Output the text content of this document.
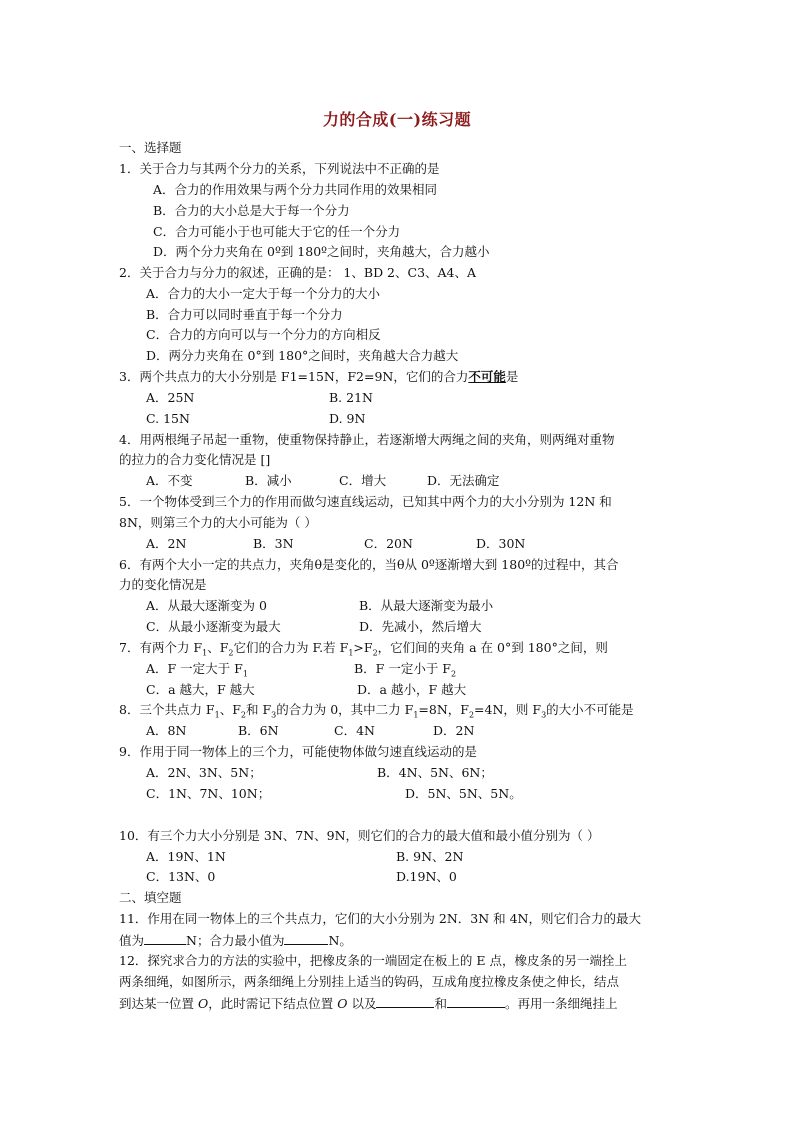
力的合成(一)练习题
一、选择题
1．关于合力与其两个分力的关系，下列说法中不正确的是
A．合力的作用效果与两个分力共同作用的效果相同
B．合力的大小总是大于每一个分力
C．合力可能小于也可能大于它的任一个分力
D．两个分力夹角在 0º到 180º之间时，夹角越大，合力越小
2．关于合力与分力的叙述，正确的是： 1、BD 2、C3、A4、A
A．合力的大小一定大于每一个分力的大小
B．合力可以同时垂直于每一个分力
C．合力的方向可以与一个分力的方向相反
D．两分力夹角在 0°到 180°之间时，夹角越大合力越大
3．两个共点力的大小分别是 F1=15N，F2=9N，它们的合力不可能是
A．25N	B. 21N
C. 15N	D. 9N
4．用两根绳子吊起一重物，使重物保持静止，若逐渐增大两绳之间的夹角，则两绳对重物
的拉力的合力变化情况是 []
A．不变	B．减小	C．增大	D．无法确定
5．一个物体受到三个力的作用而做匀速直线运动，已知其中两个力的大小分别为 12N 和
8N，则第三个力的大小可能为（ ）
A．2N	B．3N	C．20N	D．30N
6．有两个大小一定的共点力，夹角θ是变化的，当θ从 0º逐渐增大到 180º的过程中，其合
力的变化情况是
A．从最大逐渐变为 0	B．从最大逐渐变为最小
C．从最小逐渐变为最大	D．先减小，然后增大
7．有两个力 $F_1$、$F_2$它们的合力为 F.若 $F_1>F_2$，它们间的夹角 a 在 0°到 180°之间，则
A．F 一定大于 $F_1$	B．F 一定小于 $F_2$
C．a 越大，F 越大	D．a 越小，F 越大
8．三个共点力 $F_1$、$F_2$和 $F_3$的合力为 0，其中二力 $F_1=8N$，$F_2=4N$，则 $F_3$的大小不可能是
A．8N	B．6N	C．4N	D．2N
9．作用于同一物体上的三个力，可能使物体做匀速直线运动的是
A．2N、3N、5N；	B．4N、5N、6N；
C．1N、7N、10N；	D．5N、5N、5N。
10．有三个力大小分别是 3N、7N、9N，则它们的合力的最大值和最小值分别为（ ）
A．19N、1N	B. 9N、2N
C．13N、0	D.19N、0
二、填空题
11．作用在同一物体上的三个共点力，它们的大小分别为 2N．3N 和 4N，则它们合力的最大
值为	N；合力最小值为	N。
12．探究求合力的方法的实验中，把橡皮条的一端固定在板上的 E 点，橡皮条的另一端拴上
两条细绳，如图所示，两条细绳上分别挂上适当的钩码，互成角度拉橡皮条使之伸长，结点
到达某一位置 O，此时需记下结点位置 O 以及	和	。再用一条细绳挂上
